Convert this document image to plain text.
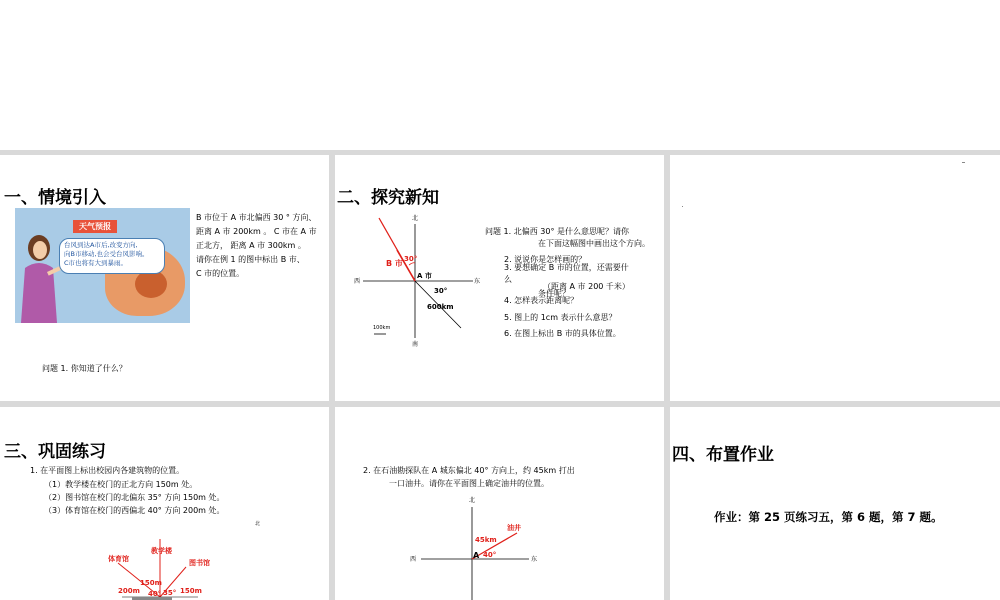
一、情境引入
天气预报
台风到达A市后,改变方向,
向B市移动,也会受台风影响。
C市也将有大到暴雨。
B 市位于 A 市北偏西 30 ° 方向、
距离 A 市 200km 。 C 市在 A 市
正北方， 距离 A 市 300km 。
请你在例 1 的图中标出 B 市、
C 市的位置。
问题 1. 你知道了什么？
二、探究新知
北
南
西	东
B 市 30°
A 市
30°
600km
100km
问题 1. 北偏西 30° 是什么意思呢？请你
在下面这幅图中画出这个方向。
2. 说说你是怎样画的？
3. 要想确定 B 市的位置，还需要什
么
（距离 A 市 200 千米）
条件呢？
4. 怎样表示距离呢？
5. 图上的 1cm 表示什么意思？
6. 在图上标出 B 市的具体位置。
三、巩固练习
1. 在平面图上标出校园内各建筑物的位置。
（1）教学楼在校门的正北方向 150m 处。
（2）图书馆在校门的北偏东 35° 方向 150m 处。
（3）体育馆在校门的西偏北 40° 方向 200m 处。
北
体育馆
教学楼
图书馆
150m
200m	150m
40° 35°
2. 在石油勘探队在 A 城东偏北 40° 方向上，约 45km 打出
一口油井。请你在平面图上确定油井的位置。
北
西	东
A
油井
45km
40°
四、布置作业
作业：第 25 页练习五，第 6 题，第 7 题。
